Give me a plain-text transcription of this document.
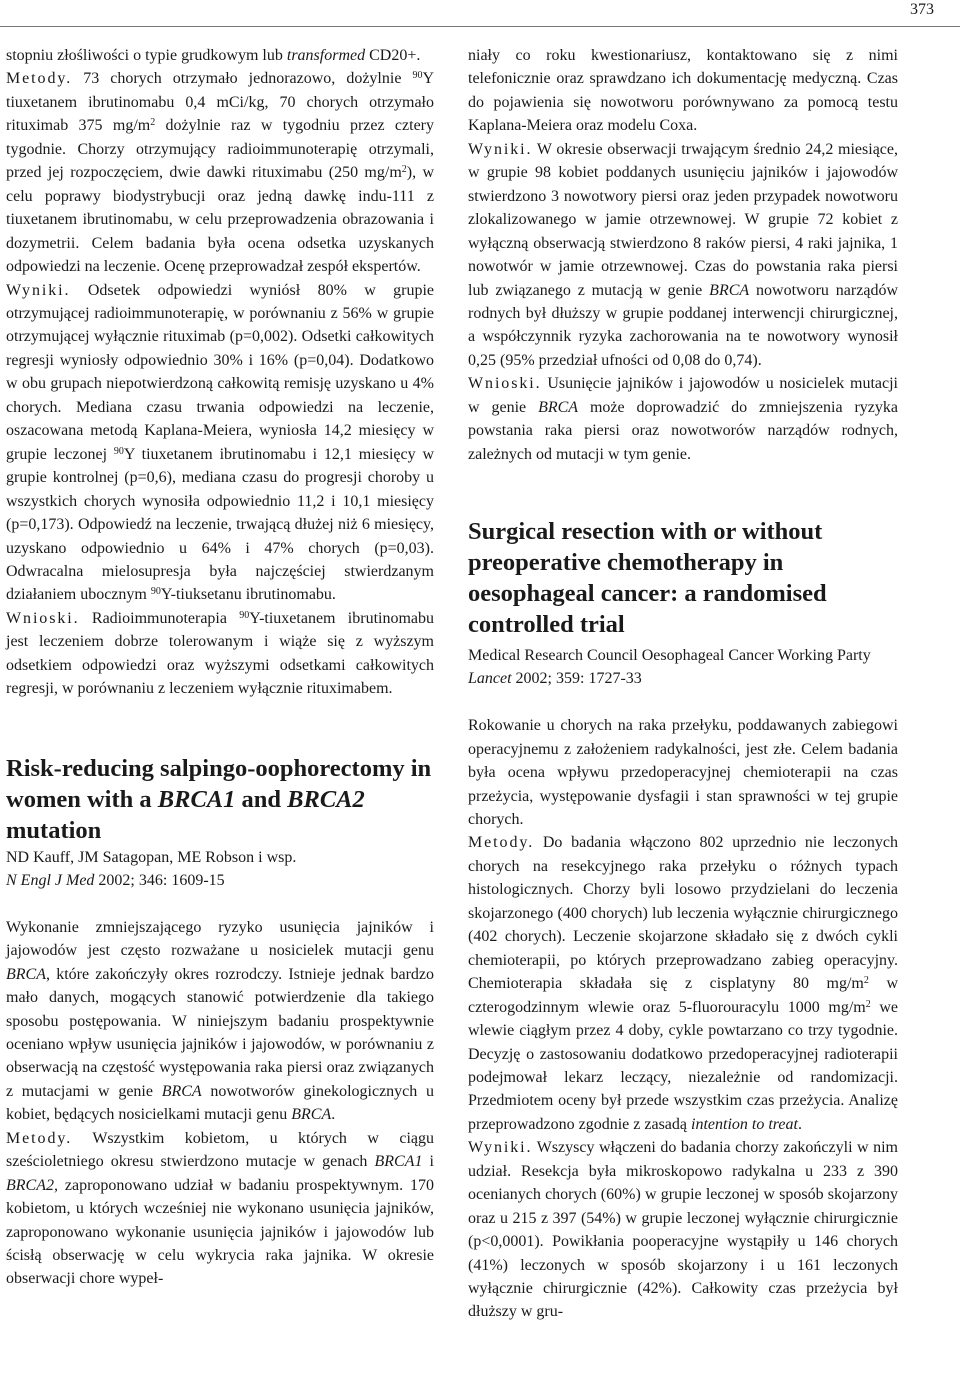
373

stopniu złośliwości o typie grudkowym lub transformed CD20+.
Metody. 73 chorych otrzymało jednorazowo, dożylnie $^{90}$Y tiuxetanem ibrutinomabu 0,4 mCi/kg, 70 chorych otrzymało rituximab 375 $mg/m^2$ dożylnie raz w tygodniu przez cztery tygodnie. Chorzy otrzymujący radioimmunoterapię otrzymali, przed jej rozpoczęciem, dwie dawki rituximabu (250 $mg/m^2$), w celu poprawy biodystrybucji oraz jedną dawkę indu-111 z tiuxetanem ibrutinomabu, w celu przeprowadzenia obrazowania i dozymetrii. Celem badania była ocena odsetka uzyskanych odpowiedzi na leczenie. Ocenę przeprowadzał zespół ekspertów.
Wyniki. Odsetek odpowiedzi wyniósł 80% w grupie otrzymującej radioimmunoterapię, w porównaniu z 56% w grupie otrzymującej wyłącznie rituximab (p=0,002). Odsetki całkowitych regresji wyniosły odpowiednio 30% i 16% (p=0,04). Dodatkowo w obu grupach niepotwierdzoną całkowitą remisję uzyskano u 4% chorych. Mediana czasu trwania odpowiedzi na leczenie, oszacowana metodą Kaplana-Meiera, wyniosła 14,2 miesięcy w grupie leczonej $^{90}$Y tiuxetanem ibrutinomabu i 12,1 miesięcy w grupie kontrolnej (p=0,6), mediana czasu do progresji choroby u wszystkich chorych wynosiła odpowiednio 11,2 i 10,1 miesięcy (p=0,173). Odpowiedź na leczenie, trwającą dłużej niż 6 miesięcy, uzyskano odpowiednio u 64% i 47% chorych (p=0,03). Odwracalna mielosupresja była najczęściej stwierdzanym działaniem ubocznym $^{90}$Y-tiuksetanu ibrutinomabu.
Wnioski. Radioimmunoterapia $^{90}$Y-tiuxetanem ibrutinomabu jest leczeniem dobrze tolerowanym i wiąże się z wyższym odsetkiem odpowiedzi oraz wyższymi odsetkami całkowitych regresji, w porównaniu z leczeniem wyłącznie rituximabem.

Risk-reducing salpingo-oophorectomy in women with a BRCA1 and BRCA2 mutation

ND Kauff, JM Satagopan, ME Robson i wsp.

N Engl J Med 2002; 346: 1609-15

Wykonanie zmniejszającego ryzyko usunięcia jajników i jajowodów jest często rozważane u nosicielek mutacji genu BRCA, które zakończyły okres rozrodczy. Istnieje jednak bardzo mało danych, mogących stanowić potwierdzenie dla takiego sposobu postępowania. W niniejszym badaniu prospektywnie oceniano wpływ usunięcia jajników i jajowodów, w porównaniu z obserwacją na częstość występowania raka piersi oraz związanych z mutacjami w genie BRCA nowotworów ginekologicznych u kobiet, będących nosicielkami mutacji genu BRCA.
Metody. Wszystkim kobietom, u których w ciągu sześcioletniego okresu stwierdzono mutacje w genach BRCA1 i BRCA2, zaproponowano udział w badaniu prospektywnym. 170 kobietom, u których wcześniej nie wykonano usunięcia jajników, zaproponowano wykonanie usunięcia jajników i jajowodów lub ścisłą obserwację w celu wykrycia raka jajnika. W okresie obserwacji chore wypeł-

niały co roku kwestionariusz, kontaktowano się z nimi telefonicznie oraz sprawdzano ich dokumentację medyczną. Czas do pojawienia się nowotworu porównywano za pomocą testu Kaplana-Meiera oraz modelu Coxa.
Wyniki. W okresie obserwacji trwającym średnio 24,2 miesiące, w grupie 98 kobiet poddanych usunięciu jajników i jajowodów stwierdzono 3 nowotwory piersi oraz jeden przypadek nowotworu zlokalizowanego w jamie otrzewnowej. W grupie 72 kobiet z wyłączną obserwacją stwierdzono 8 raków piersi, 4 raki jajnika, 1 nowotwór w jamie otrzewnowej. Czas do powstania raka piersi lub związanego z mutacją w genie BRCA nowotworu narządów rodnych był dłuższy w grupie poddanej interwencji chirurgicznej, a współczynnik ryzyka zachorowania na te nowotwory wynosił 0,25 (95% przedział ufności od 0,08 do 0,74).
Wnioski. Usunięcie jajników i jajowodów u nosicielek mutacji w genie BRCA może doprowadzić do zmniejszenia ryzyka powstania raka piersi oraz nowotworów narządów rodnych, zależnych od mutacji w tym genie.

Surgical resection with or without preoperative chemotherapy in oesophageal cancer: a randomised controlled trial

Medical Research Council Oesophageal Cancer Working Party

Lancet 2002; 359: 1727-33

Rokowanie u chorych na raka przełyku, poddawanych zabiegowi operacyjnemu z założeniem radykalności, jest złe. Celem badania była ocena wpływu przedoperacyjnej chemioterapii na czas przeżycia, występowanie dysfagii i stan sprawności w tej grupie chorych.
Metody. Do badania włączono 802 uprzednio nie leczonych chorych na resekcyjnego raka przełyku o różnych typach histologicznych. Chorzy byli losowo przydzielani do leczenia skojarzonego (400 chorych) lub leczenia wyłącznie chirurgicznego (402 chorych). Leczenie skojarzone składało się z dwóch cykli chemioterapii, po których przeprowadzano zabieg operacyjny. Chemioterapia składała się z cisplatyny 80 $mg/m^2$ w czterogodzinnym wlewie oraz 5-fluorouracylu 1000 $mg/m^2$ we wlewie ciągłym przez 4 doby, cykle powtarzano co trzy tygodnie. Decyzję o zastosowaniu dodatkowo przedoperacyjnej radioterapii podejmował lekarz leczący, niezależnie od randomizacji. Przedmiotem oceny był przede wszystkim czas przeżycia. Analizę przeprowadzono zgodnie z zasadą intention to treat.
Wyniki. Wszyscy włączeni do badania chorzy zakończyli w nim udział. Resekcja była mikroskopowo radykalna u 233 z 390 ocenianych chorych (60%) w grupie leczonej w sposób skojarzony oraz u 215 z 397 (54%) w grupie leczonej wyłącznie chirurgicznie (p<0,0001). Powikłania pooperacyjne wystąpiły u 146 chorych (41%) leczonych w sposób skojarzony i u 161 leczonych wyłącznie chirurgicznie (42%). Całkowity czas przeżycia był dłuższy w gru-
